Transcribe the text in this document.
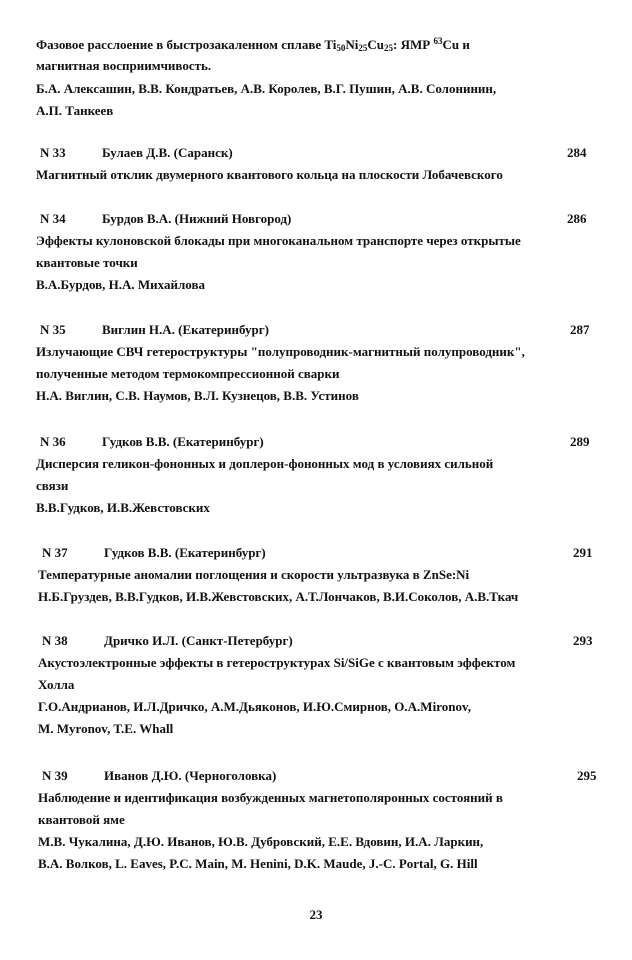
Фазовое расслоение в быстрозакаленном сплаве $Ti_{50}Ni_{25}Cu_{25}$: ЯМР $^{63}$Cu и
магнитная восприимчивость.
Б.А. Алексашин, В.В. Кондратьев, А.В. Королев, В.Г. Пушин, А.В. Солонинин,
А.П. Танкеев
N 33	Булаев Д.В. (Саранск)	284
Магнитный отклик двумерного квантового кольца на плоскости Лобачевского
N 34	Бурдов В.А. (Нижний Новгород)	286
Эффекты кулоновской блокады при многоканальном транспорте через открытые
квантовые точки
В.А.Бурдов, Н.А. Михайлова
N 35	Виглин Н.А. (Екатеринбург)	287
Излучающие СВЧ гетероструктуры "полупроводник-магнитный полупроводник",
полученные методом термокомпрессионной сварки
Н.А. Виглин, С.В. Наумов, В.Л. Кузнецов, В.В. Устинов
N 36	Гудков В.В. (Екатеринбург)	289
Дисперсия геликон-фононных и доплерон-фононных мод в условиях сильной
связи
В.В.Гудков, И.В.Жевстовских
N 37	Гудков В.В. (Екатеринбург)	291
Температурные аномалии поглощения и скорости ультразвука в ZnSe:Ni
Н.Б.Груздев, В.В.Гудков, И.В.Жевстовских, А.Т.Лончаков, В.И.Соколов, А.В.Ткач
N 38	Дричко И.Л. (Санкт-Петербург)	293
Акустоэлектронные эффекты в гетероструктурах Si/SiGe с квантовым эффектом
Холла
Г.О.Андрианов, И.Л.Дричко, А.М.Дьяконов, И.Ю.Смирнов, О.А.Mironov,
M. Myronov, T.E. Whall
N 39	Иванов Д.Ю. (Черноголовка)	295
Наблюдение и идентификация возбужденных магнетополяронных состояний в
квантовой яме
М.В. Чукалина, Д.Ю. Иванов, Ю.В. Дубровский, Е.Е. Вдовин, И.А. Ларкин,
В.А. Волков, L. Eaves, P.C. Main, M. Henini, D.K. Maude, J.-C. Portal, G. Hill
23
